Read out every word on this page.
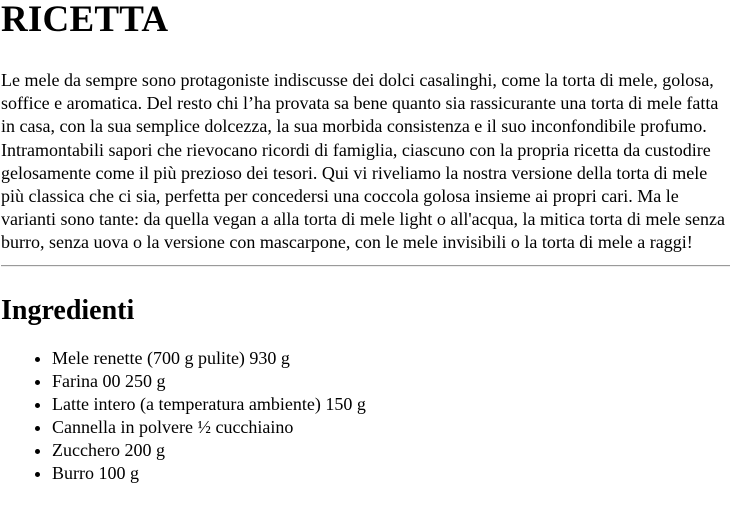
RICETTA

Le mele da sempre sono protagoniste indiscusse dei dolci casalinghi, come la torta di mele, golosa, soffice e aromatica. Del resto chi l’ha provata sa bene quanto sia rassicurante una torta di mele fatta in casa, con la sua semplice dolcezza, la sua morbida consistenza e il suo inconfondibile profumo. Intramontabili sapori che rievocano ricordi di famiglia, ciascuno con la propria ricetta da custodire gelosamente come il più prezioso dei tesori. Qui vi riveliamo la nostra versione della torta di mele più classica che ci sia, perfetta per concedersi una coccola golosa insieme ai propri cari. Ma le varianti sono tante: da quella vegan a alla torta di mele light o all'acqua, la mitica torta di mele senza burro, senza uova o la versione con mascarpone, con le mele invisibili o la torta di mele a raggi!

Ingredienti
• Mele renette (700 g pulite) 930 g
• Farina 00 250 g
• Latte intero (a temperatura ambiente) 150 g
• Cannella in polvere ½ cucchiaino
• Zucchero 200 g
• Burro 100 g
